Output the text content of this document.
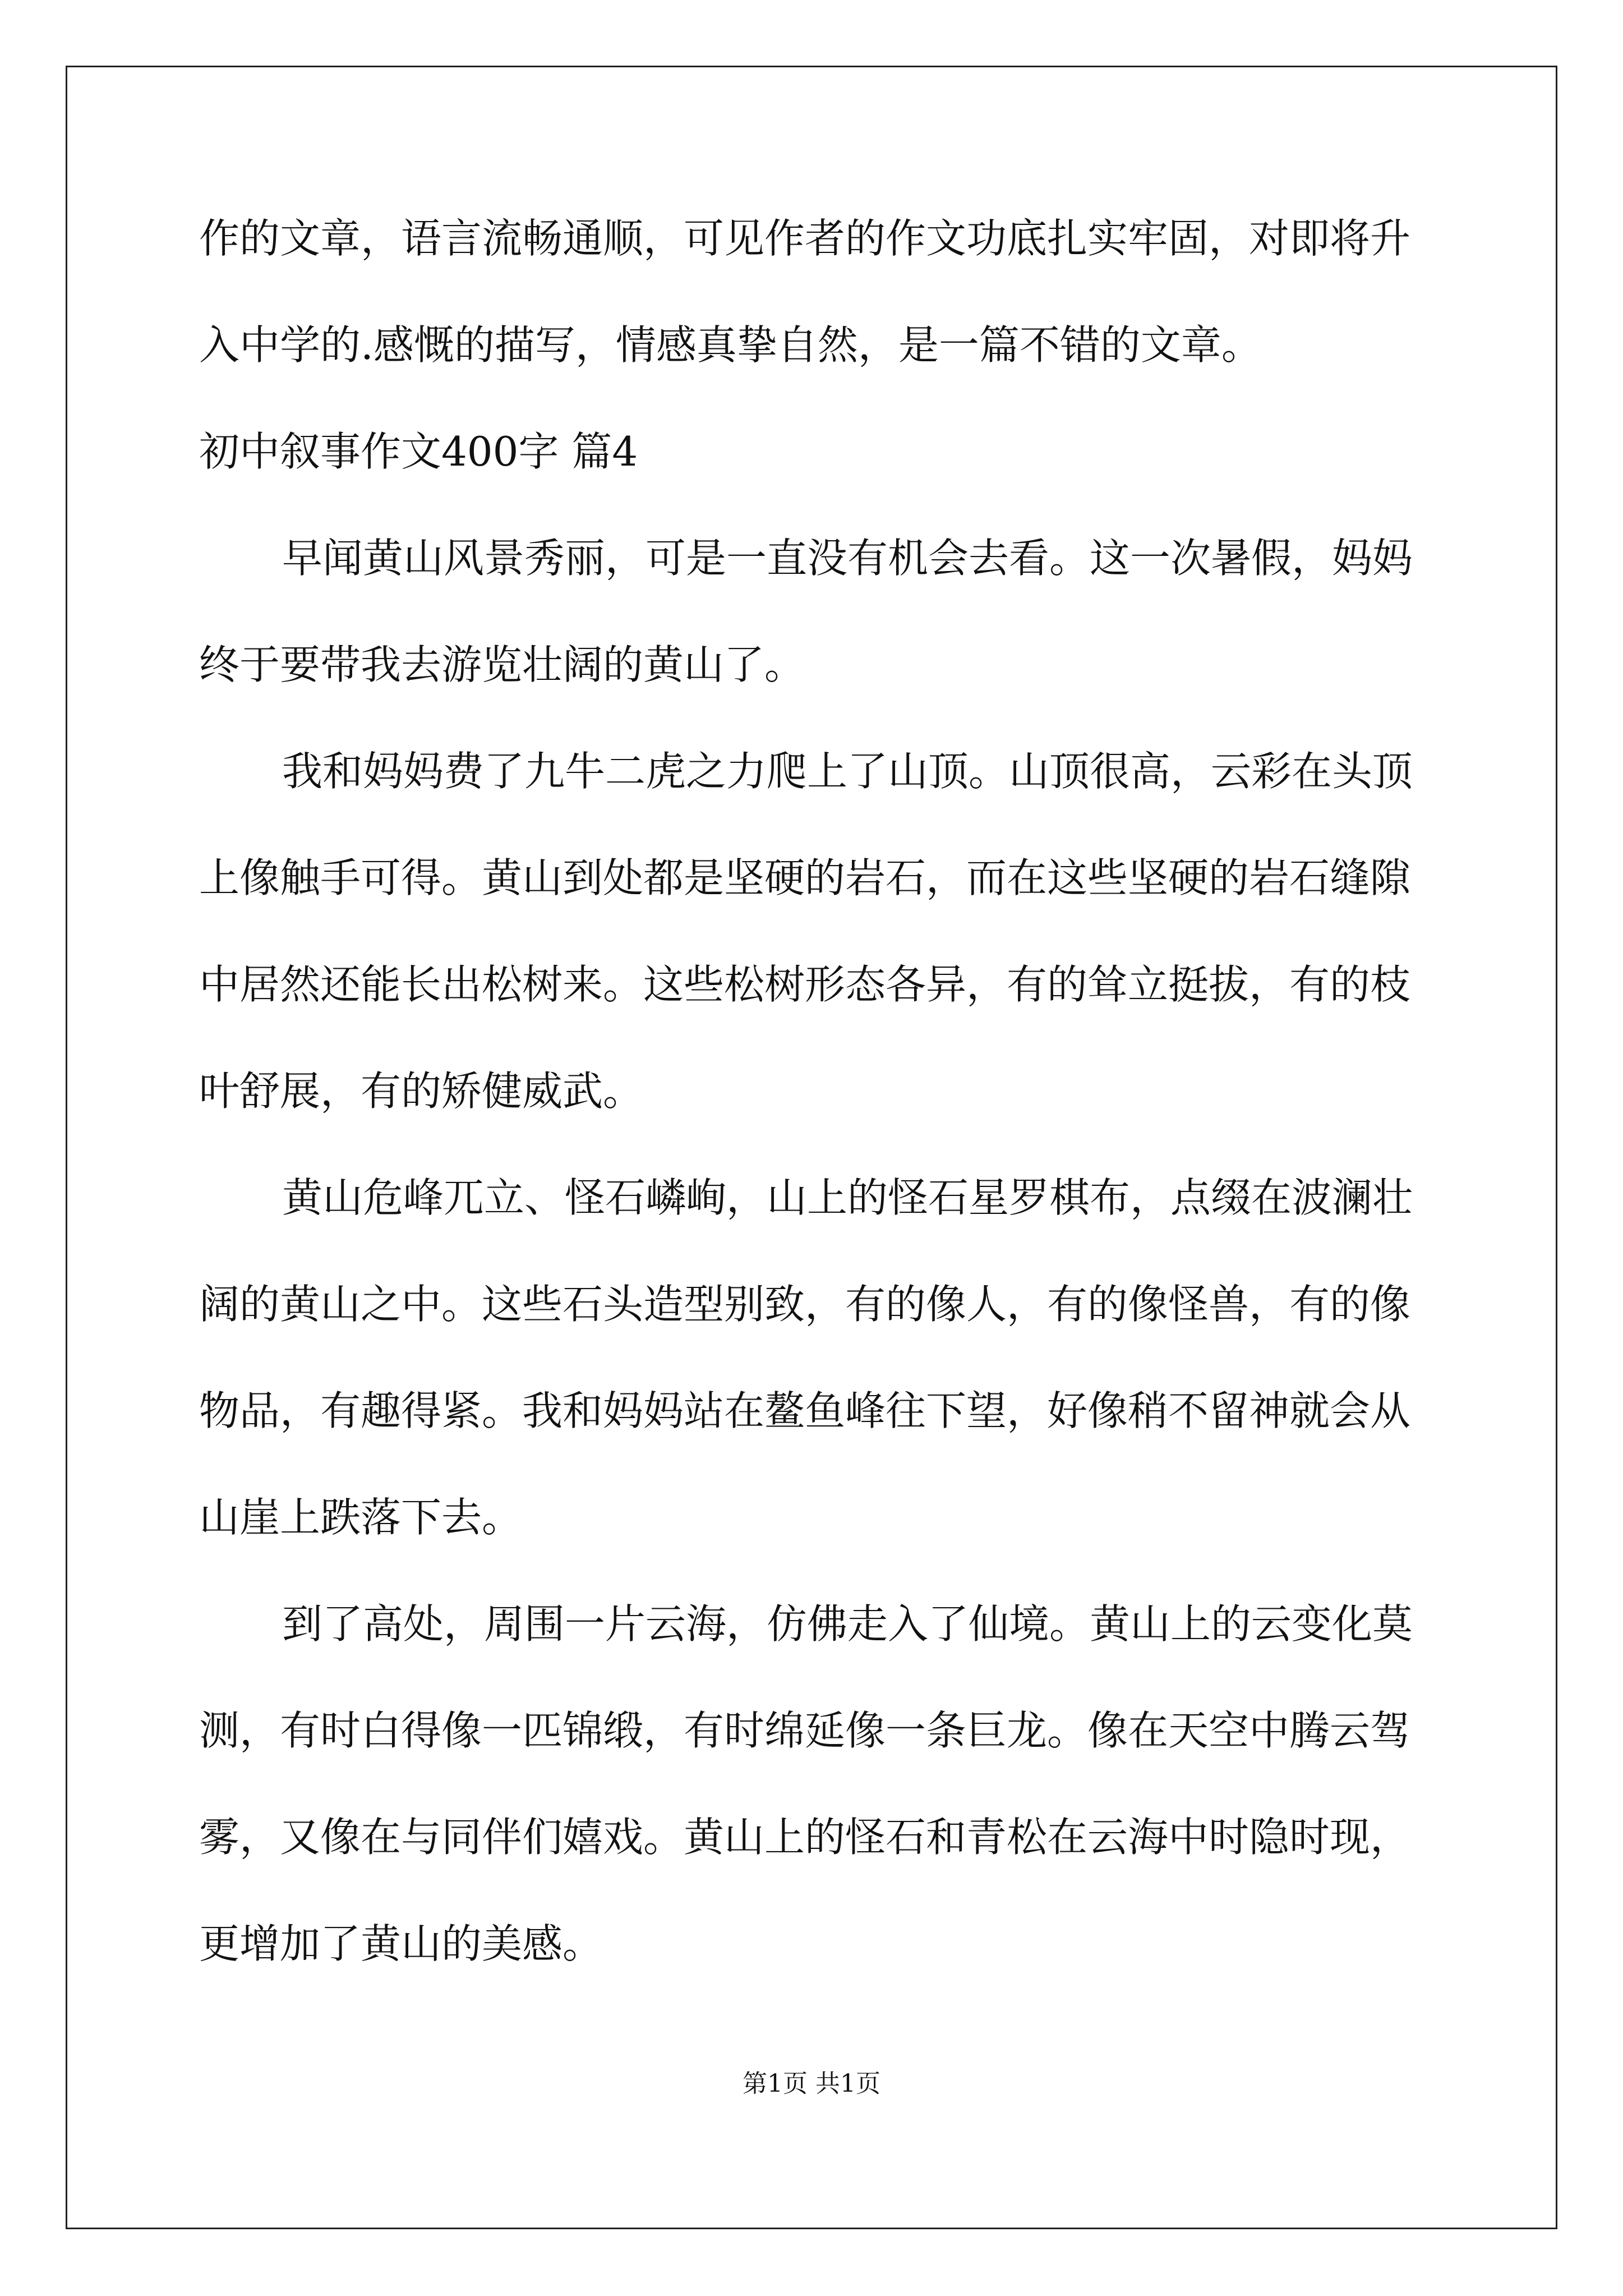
作的文章，语言流畅通顺，可见作者的作文功底扎实牢固，对即将升
入中学的.感慨的描写，情感真挚自然，是一篇不错的文章。
初中叙事作文400字 篇4
早闻黄山风景秀丽，可是一直没有机会去看。这一次暑假，妈妈
终于要带我去游览壮阔的黄山了。
我和妈妈费了九牛二虎之力爬上了山顶。山顶很高，云彩在头顶
上像触手可得。黄山到处都是坚硬的岩石，而在这些坚硬的岩石缝隙
中居然还能长出松树来。这些松树形态各异，有的耸立挺拔，有的枝
叶舒展，有的矫健威武。
黄山危峰兀立、怪石嶙峋，山上的怪石星罗棋布，点缀在波澜壮
阔的黄山之中。这些石头造型别致，有的像人，有的像怪兽，有的像
物品，有趣得紧。我和妈妈站在鳌鱼峰往下望，好像稍不留神就会从
山崖上跌落下去。
到了高处，周围一片云海，仿佛走入了仙境。黄山上的云变化莫
测，有时白得像一匹锦缎，有时绵延像一条巨龙。像在天空中腾云驾
雾，又像在与同伴们嬉戏。黄山上的怪石和青松在云海中时隐时现，
更增加了黄山的美感。
第1页 共1页
